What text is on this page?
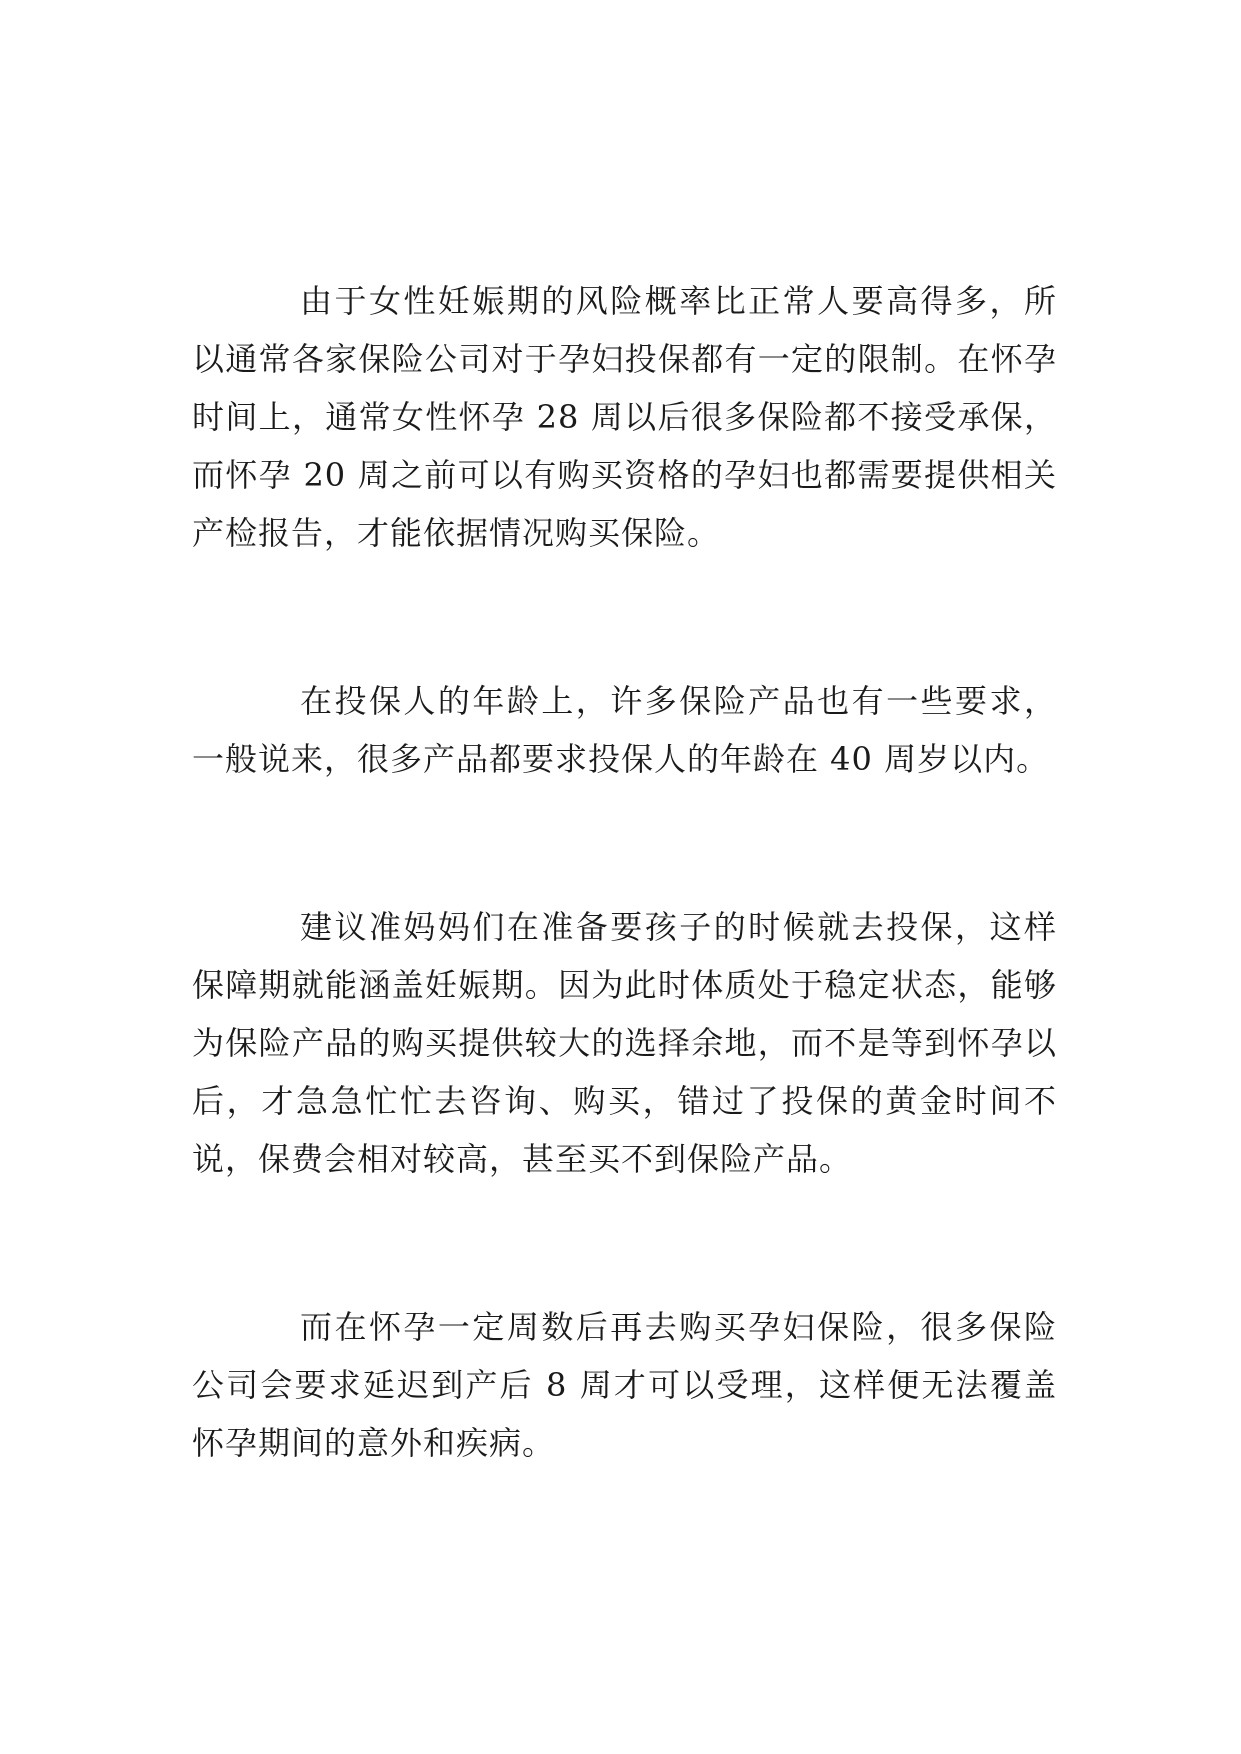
由于女性妊娠期的风险概率比正常人要高得多，所以通常各家保险公司对于孕妇投保都有一定的限制。在怀孕时间上，通常女性怀孕 28 周以后很多保险都不接受承保，而怀孕 20 周之前可以有购买资格的孕妇也都需要提供相关产检报告，才能依据情况购买保险。

在投保人的年龄上，许多保险产品也有一些要求，一般说来，很多产品都要求投保人的年龄在 40 周岁以内。

建议准妈妈们在准备要孩子的时候就去投保，这样保障期就能涵盖妊娠期。因为此时体质处于稳定状态，能够为保险产品的购买提供较大的选择余地，而不是等到怀孕以后，才急急忙忙去咨询、购买，错过了投保的黄金时间不说，保费会相对较高，甚至买不到保险产品。

而在怀孕一定周数后再去购买孕妇保险，很多保险公司会要求延迟到产后 8 周才可以受理，这样便无法覆盖怀孕期间的意外和疾病。
